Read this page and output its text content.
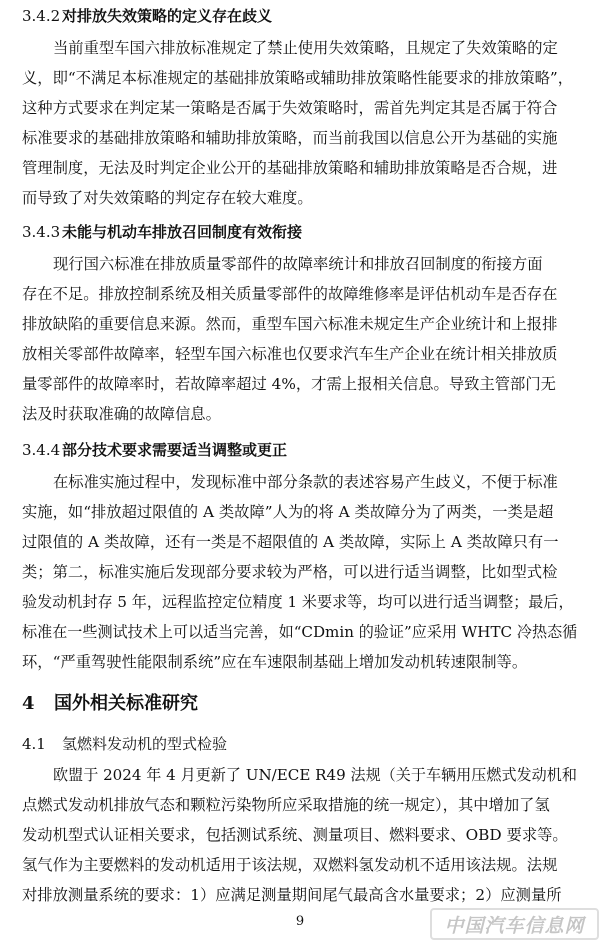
3.4.2 对排放失效策略的定义存在歧义

当前重型车国六排放标准规定了禁止使用失效策略，且规定了失效策略的定
义，即“不满足本标准规定的基础排放策略或辅助排放策略性能要求的排放策略”，
这种方式要求在判定某一策略是否属于失效策略时，需首先判定其是否属于符合
标准要求的基础排放策略和辅助排放策略，而当前我国以信息公开为基础的实施
管理制度，无法及时判定企业公开的基础排放策略和辅助排放策略是否合规，进
而导致了对失效策略的判定存在较大难度。

3.4.3 未能与机动车排放召回制度有效衔接

现行国六标准在排放质量零部件的故障率统计和排放召回制度的衔接方面
存在不足。排放控制系统及相关质量零部件的故障维修率是评估机动车是否存在
排放缺陷的重要信息来源。然而，重型车国六标准未规定生产企业统计和上报排
放相关零部件故障率，轻型车国六标准也仅要求汽车生产企业在统计相关排放质
量零部件的故障率时，若故障率超过 4%，才需上报相关信息。导致主管部门无
法及时获取准确的故障信息。

3.4.4 部分技术要求需要适当调整或更正

在标准实施过程中，发现标准中部分条款的表述容易产生歧义，不便于标准
实施，如“排放超过限值的 A 类故障”人为的将 A 类故障分为了两类，一类是超
过限值的 A 类故障，还有一类是不超限值的 A 类故障，实际上 A 类故障只有一
类；第二，标准实施后发现部分要求较为严格，可以进行适当调整，比如型式检
验发动机封存 5 年，远程监控定位精度 1 米要求等，均可以进行适当调整；最后，
标准在一些测试技术上可以适当完善，如“CDmin 的验证”应采用 WHTC 冷热态循
环，“严重驾驶性能限制系统”应在车速限制基础上增加发动机转速限制等。

4 国外相关标准研究
4.1 氢燃料发动机的型式检验

欧盟于 2024 年 4 月更新了 UN/ECE R49 法规（关于车辆用压燃式发动机和
点燃式发动机排放气态和颗粒污染物所应采取措施的统一规定），其中增加了氢
发动机型式认证相关要求，包括测试系统、测量项目、燃料要求、OBD 要求等。
氢气作为主要燃料的发动机适用于该法规，双燃料氢发动机不适用该法规。法规
对排放测量系统的要求：1）应满足测量期间尾气最高含水量要求；2）应测量所

9	中国汽车信息网
